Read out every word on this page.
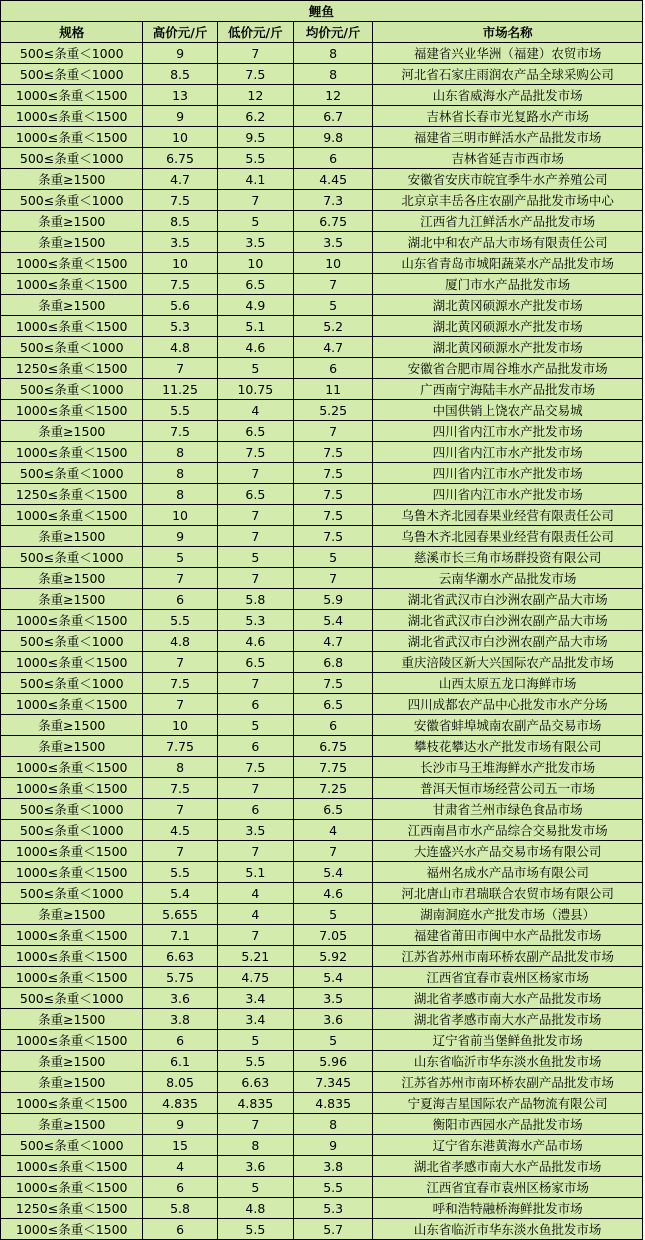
鲤鱼				
规格	高价元/斤	低价元/斤	均价元/斤	市场名称
500≤条重＜1000	9	7	8	福建省兴业华洲（福建）农贸市场
500≤条重＜1000	8.5	7.5	8	河北省石家庄雨润农产品全球采购公司
1000≤条重＜1500	13	12	12	山东省威海水产品批发市场
1000≤条重＜1500	9	6.2	6.7	吉林省长春市光复路水产市场
1000≤条重＜1500	10	9.5	9.8	福建省三明市鲜活水产品批发市场
500≤条重＜1000	6.75	5.5	6	吉林省延吉市西市场
条重≥1500	4.7	4.1	4.45	安徽省安庆市皖宜季牛水产养殖公司
500≤条重＜1000	7.5	7	7.3	北京京丰岳各庄农副产品批发市场中心
条重≥1500	8.5	5	6.75	江西省九江鲜活水产品批发市场
条重≥1500	3.5	3.5	3.5	湖北中和农产品大市场有限责任公司
1000≤条重＜1500	10	10	10	山东省青岛市城阳蔬菜水产品批发市场
1000≤条重＜1500	7.5	6.5	7	厦门市水产品批发市场
条重≥1500	5.6	4.9	5	湖北黄冈硕源水产批发市场
1000≤条重＜1500	5.3	5.1	5.2	湖北黄冈硕源水产批发市场
500≤条重＜1000	4.8	4.6	4.7	湖北黄冈硕源水产批发市场
1250≤条重＜1500	7	5	6	安徽省合肥市周谷堆水产品批发市场
500≤条重＜1000	11.25	10.75	11	广西南宁海陆丰水产品批发市场
1000≤条重＜1500	5.5	4	5.25	中国供销上饶农产品交易城
条重≥1500	7.5	6.5	7	四川省内江市水产批发市场
1000≤条重＜1500	8	7.5	7.5	四川省内江市水产批发市场
500≤条重＜1000	8	7	7.5	四川省内江市水产批发市场
1250≤条重＜1500	8	6.5	7.5	四川省内江市水产批发市场
1000≤条重＜1500	10	7	7.5	乌鲁木齐北园春果业经营有限责任公司
条重≥1500	9	7	7.5	乌鲁木齐北园春果业经营有限责任公司
500≤条重＜1000	5	5	5	慈溪市长三角市场群投资有限公司
条重≥1500	7	7	7	云南华潮水产品批发市场
条重≥1500	6	5.8	5.9	湖北省武汉市白沙洲农副产品大市场
1000≤条重＜1500	5.5	5.3	5.4	湖北省武汉市白沙洲农副产品大市场
500≤条重＜1000	4.8	4.6	4.7	湖北省武汉市白沙洲农副产品大市场
1000≤条重＜1500	7	6.5	6.8	重庆涪陵区新大兴国际农产品批发市场
500≤条重＜1000	7.5	7	7.5	山西太原五龙口海鲜市场
1000≤条重＜1500	7	6	6.5	四川成都农产品中心批发市水产分场
条重≥1500	10	5	6	安徽省蚌埠城南农副产品交易市场
条重≥1500	7.75	6	6.75	攀枝花攀达水产批发市场有限公司
1000≤条重＜1500	8	7.5	7.75	长沙市马王堆海鲜水产批发市场
1000≤条重＜1500	7.5	7	7.25	普洱天恒市场经营公司五一市场
500≤条重＜1000	7	6	6.5	甘肃省兰州市绿色食品市场
500≤条重＜1000	4.5	3.5	4	江西南昌市水产品综合交易批发市场
1000≤条重＜1500	7	7	7	大连盛兴水产品交易市场有限公司
1000≤条重＜1500	5.5	5.1	5.4	福州名成水产品市场有限公司
500≤条重＜1000	5.4	4	4.6	河北唐山市君瑞联合农贸市场有限公司
条重≥1500	5.655	4	5	湖南洞庭水产批发市场（澧县）
1000≤条重＜1500	7.1	7	7.05	福建省莆田市闽中水产品批发市场
1000≤条重＜1500	6.63	5.21	5.92	江苏省苏州市南环桥农副产品批发市场
1000≤条重＜1500	5.75	4.75	5.4	江西省宜春市袁州区杨家市场
500≤条重＜1000	3.6	3.4	3.5	湖北省孝感市南大水产品批发市场
条重≥1500	3.8	3.4	3.6	湖北省孝感市南大水产品批发市场
1000≤条重＜1500	6	5	5	辽宁省前当堡鲜鱼批发市场
条重≥1500	6.1	5.5	5.96	山东省临沂市华东淡水鱼批发市场
条重≥1500	8.05	6.63	7.345	江苏省苏州市南环桥农副产品批发市场
1000≤条重＜1500	4.835	4.835	4.835	宁夏海吉星国际农产品物流有限公司
条重≥1500	9	7	8	衡阳市西园水产品批发市场
500≤条重＜1000	15	8	9	辽宁省东港黄海水产品市场
1000≤条重＜1500	4	3.6	3.8	湖北省孝感市南大水产品批发市场
1000≤条重＜1500	6	5	5.5	江西省宜春市袁州区杨家市场
1250≤条重＜1500	5.8	4.8	5.3	呼和浩特融桥海鲜批发市场
1000≤条重＜1500	6	5.5	5.7	山东省临沂市华东淡水鱼批发市场
